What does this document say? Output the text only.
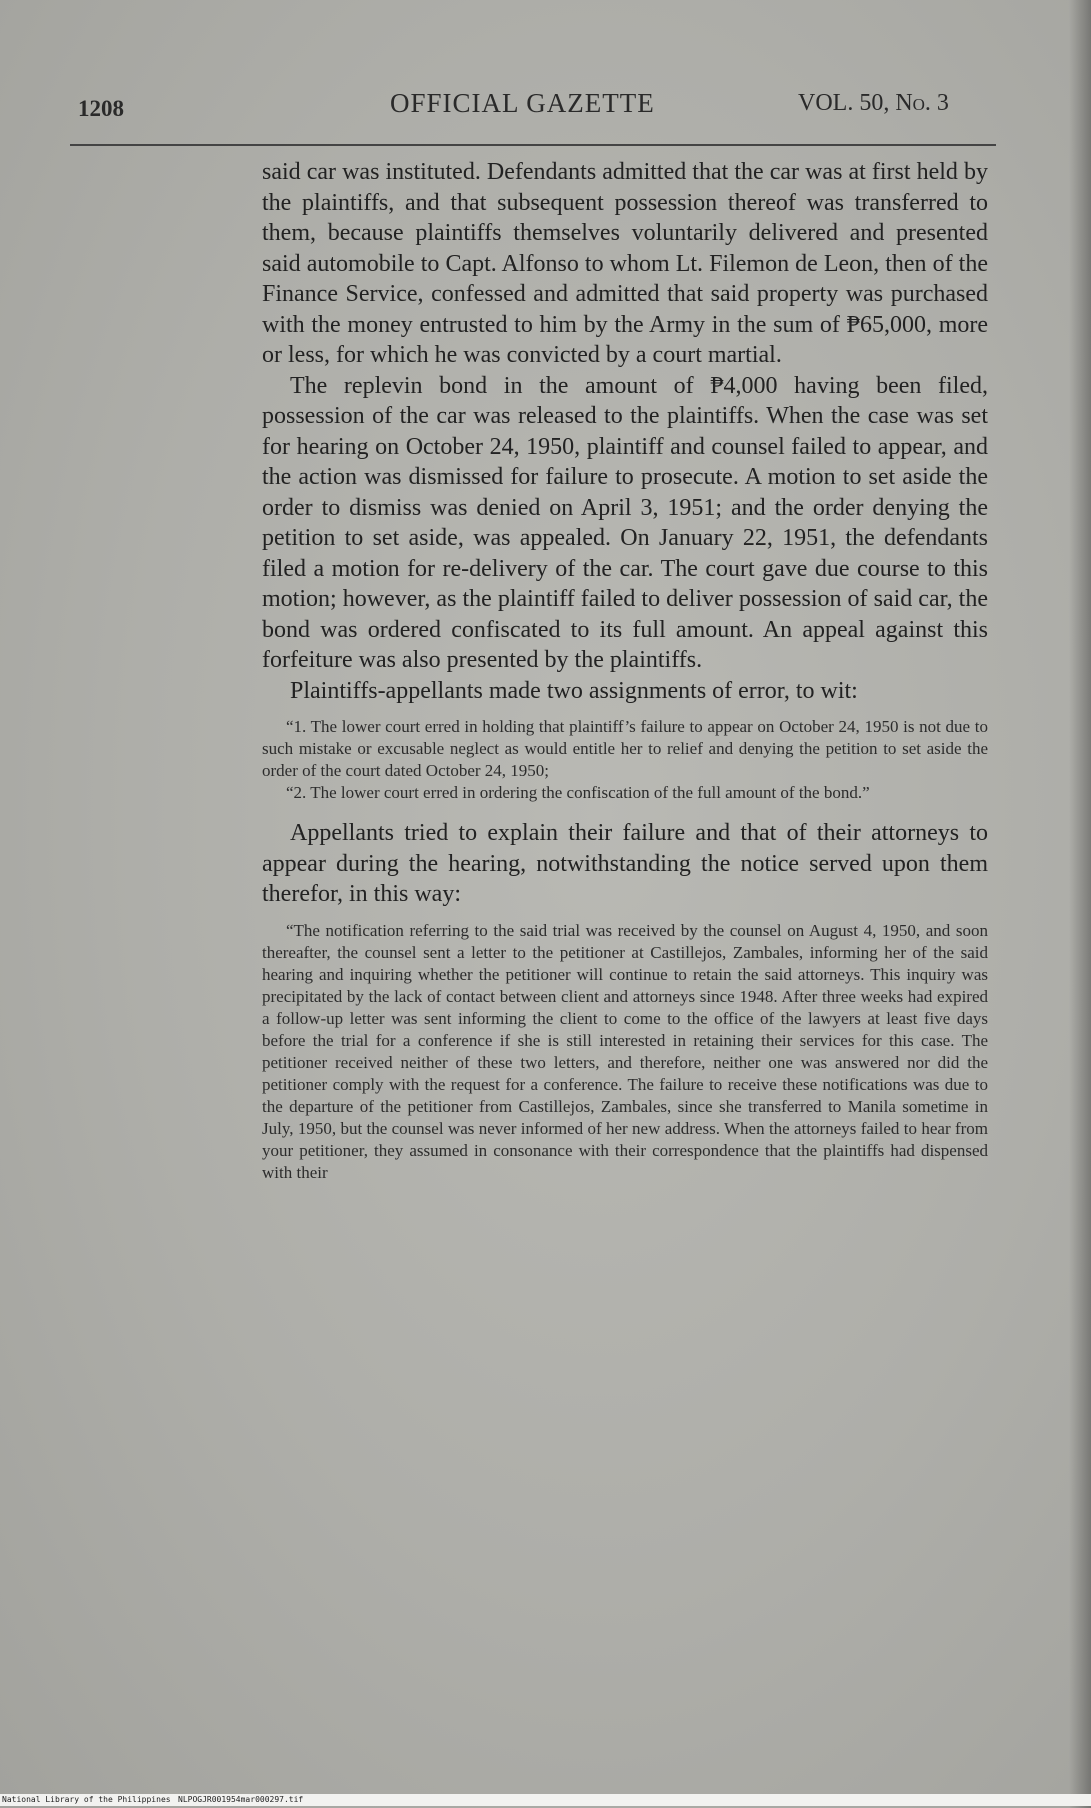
1208	OFFICIAL GAZETTE	VOL. 50, No. 3

said car was instituted. Defendants admitted that the car was at first held by the plaintiffs, and that subsequent possession thereof was transferred to them, because plaintiffs themselves voluntarily delivered and presented said automobile to Capt. Alfonso to whom Lt. Filemon de Leon, then of the Finance Service, confessed and admitted that said property was purchased with the money entrusted to him by the Army in the sum of ₱65,000, more or less, for which he was convicted by a court martial.

The replevin bond in the amount of ₱4,000 having been filed, possession of the car was released to the plaintiffs. When the case was set for hearing on October 24, 1950, plaintiff and counsel failed to appear, and the action was dismissed for failure to prosecute. A motion to set aside the order to dismiss was denied on April 3, 1951; and the order denying the petition to set aside, was appealed. On January 22, 1951, the defendants filed a motion for re-delivery of the car. The court gave due course to this motion; however, as the plaintiff failed to deliver possession of said car, the bond was ordered confiscated to its full amount. An appeal against this forfeiture was also presented by the plaintiffs.

Plaintiffs-appellants made two assignments of error, to wit:

“1. The lower court erred in holding that plaintiff’s failure to appear on October 24, 1950 is not due to such mistake or excusable neglect as would entitle her to relief and denying the petition to set aside the order of the court dated October 24, 1950;

“2. The lower court erred in ordering the confiscation of the full amount of the bond.”

Appellants tried to explain their failure and that of their attorneys to appear during the hearing, notwithstanding the notice served upon them therefor, in this way:

“The notification referring to the said trial was received by the counsel on August 4, 1950, and soon thereafter, the counsel sent a letter to the petitioner at Castillejos, Zambales, informing her of the said hearing and inquiring whether the petitioner will continue to retain the said attorneys. This inquiry was precipitated by the lack of contact between client and attorneys since 1948. After three weeks had expired a follow-up letter was sent informing the client to come to the office of the lawyers at least five days before the trial for a conference if she is still interested in retaining their services for this case. The petitioner received neither of these two letters, and therefore, neither one was answered nor did the petitioner comply with the request for a conference. The failure to receive these notifications was due to the departure of the petitioner from Castillejos, Zambales, since she transferred to Manila sometime in July, 1950, but the counsel was never informed of her new address. When the attorneys failed to hear from your petitioner, they assumed in consonance with their correspondence that the plaintiffs had dispensed with their

National Library of the Philippines NLPOGJR001954mar000297.tif
